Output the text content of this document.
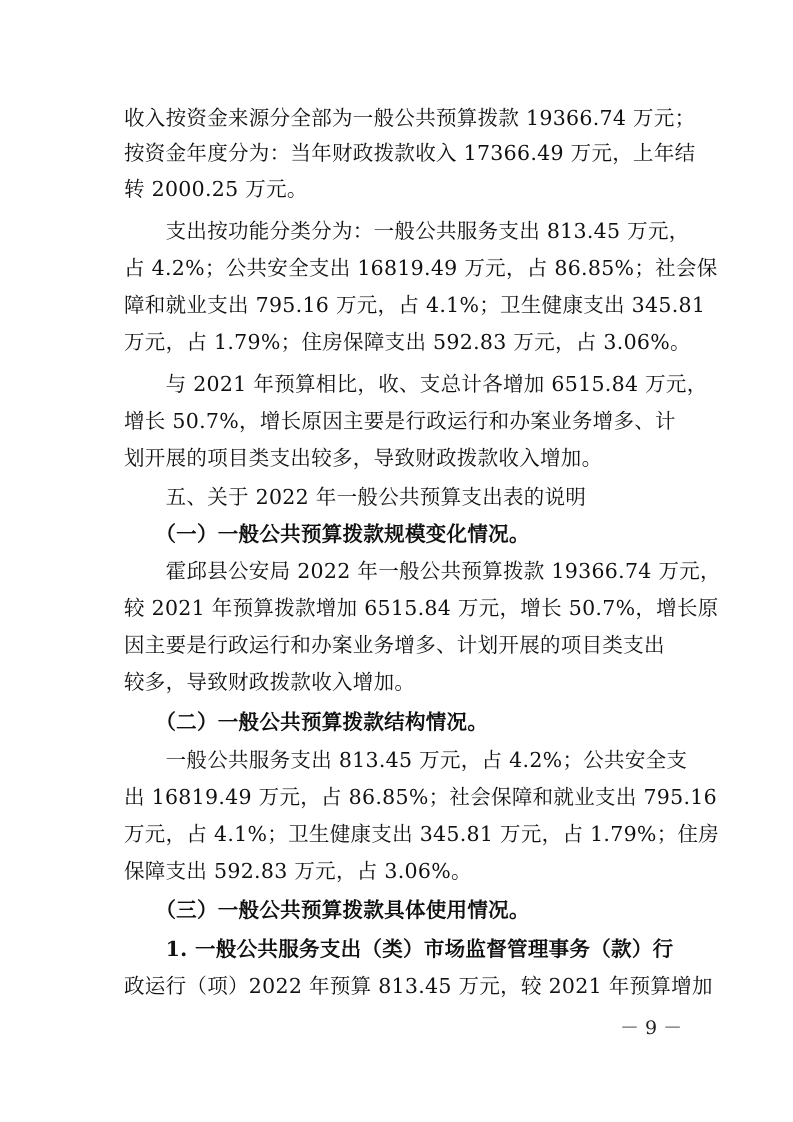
收入按资金来源分全部为一般公共预算拨款 19366.74 万元；
按资金年度分为：当年财政拨款收入 17366.49 万元，上年结
转 2000.25 万元。
　　支出按功能分类分为：一般公共服务支出 813.45 万元，
占 4.2%；公共安全支出 16819.49 万元，占 86.85%；社会保
障和就业支出 795.16 万元，占 4.1%；卫生健康支出 345.81
万元，占 1.79%；住房保障支出 592.83 万元，占 3.06%。
　　与 2021 年预算相比，收、支总计各增加 6515.84 万元，
增长 50.7%，增长原因主要是行政运行和办案业务增多、计
划开展的项目类支出较多，导致财政拨款收入增加。
　　五、关于 2022 年一般公共预算支出表的说明
　　（一）一般公共预算拨款规模变化情况。
　　霍邱县公安局 2022 年一般公共预算拨款 19366.74 万元，
较 2021 年预算拨款增加 6515.84 万元，增长 50.7%，增长原
因主要是行政运行和办案业务增多、计划开展的项目类支出
较多，导致财政拨款收入增加。
　　（二）一般公共预算拨款结构情况。
　　一般公共服务支出 813.45 万元，占 4.2%；公共安全支
出 16819.49 万元，占 86.85%；社会保障和就业支出 795.16
万元，占 4.1%；卫生健康支出 345.81 万元，占 1.79%；住房
保障支出 592.83 万元，占 3.06%。
　　（三）一般公共预算拨款具体使用情况。
　　1. 一般公共服务支出（类）市场监督管理事务（款）行
政运行（项）2022 年预算 813.45 万元，较 2021 年预算增加
－ 9 －
